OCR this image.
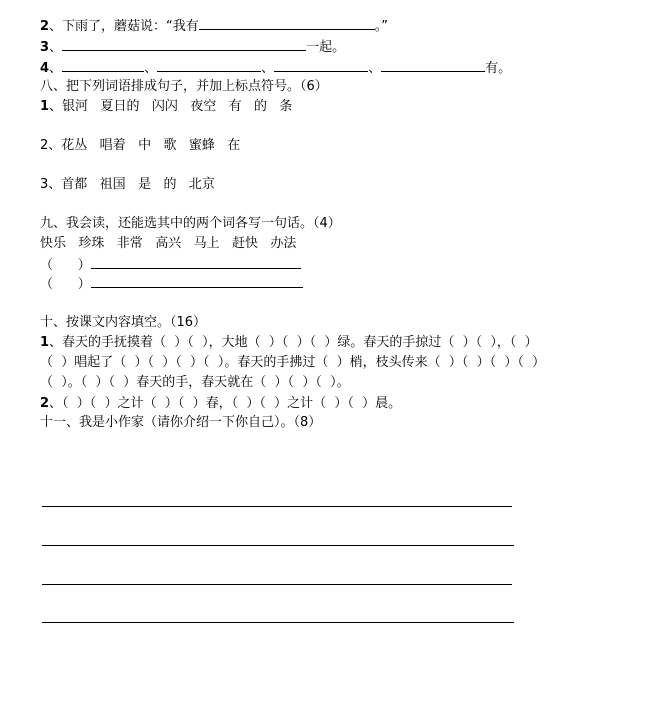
2、下雨了，蘑菇说：“我有	。”
3、	一起。
4、	、	、	、	有。
八、把下列词语排成句子，并加上标点符号。（6）
1、银河   夏日的   闪闪   夜空   有   的   条
2、花丛   唱着   中   歌   蜜蜂   在
3、首都   祖国   是   的   北京
九、我会读，还能选其中的两个词各写一句话。（4）
快乐   珍珠   非常   高兴   马上   赶快   办法
（      ）
（      ）
十、按课文内容填空。（16）
1、春天的手抚摸着（  ）（  ），大地（  ）（  ）（  ）绿。春天的手掠过（  ）（  ），（  ）
（  ）唱起了（  ）（  ）（  ）（  ）。春天的手拂过（  ）梢，枝头传来（  ）（  ）（  ）（  ）
（  ）。（  ）（  ）春天的手，春天就在（  ）（  ）（  ）。
2、（  ）（  ）之计（  ）（  ）春，（  ）（  ）之计（  ）（  ）晨。
十一、我是小作家（请你介绍一下你自己）。（8）
